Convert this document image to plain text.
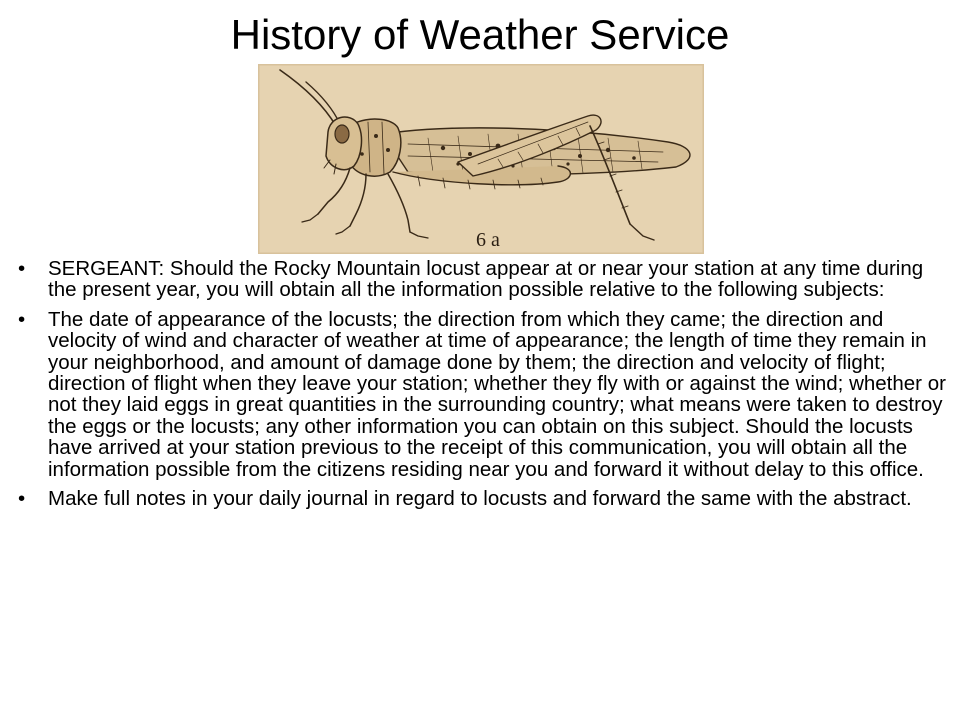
History of Weather Service
6 a
•	SERGEANT: Should the Rocky Mountain locust appear at or near your station at any time during the present year, you will obtain all the information possible relative to the following subjects:
•	The date of appearance of the locusts; the direction from which they came; the direction and velocity of wind and character of weather at time of appearance; the length of time they remain in your neighborhood, and amount of damage done by them; the direction and velocity of flight; direction of flight when they leave your station; whether they fly with or against the wind; whether or not they laid eggs in great quantities in the surrounding country; what means were taken to destroy the eggs or the locusts; any other information you can obtain on this subject. Should the locusts have arrived at your station previous to the receipt of this communication, you will obtain all the information possible from the citizens residing near you and forward it without delay to this office.
•	Make full notes in your daily journal in regard to locusts and forward the same with the abstract.
